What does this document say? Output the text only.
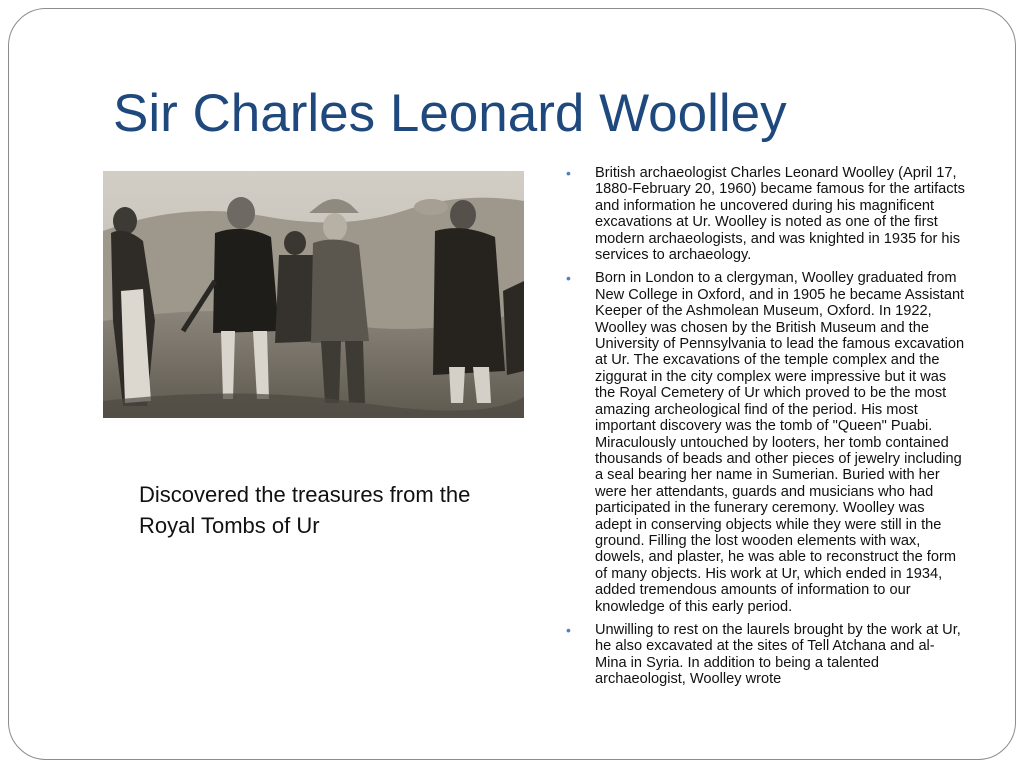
Sir Charles Leonard Woolley

Discovered the treasures from the Royal Tombs of Ur

• British archaeologist Charles Leonard Woolley (April 17, 1880-February 20, 1960) became famous for the artifacts and information he uncovered during his magnificent excavations at Ur. Woolley is noted as one of the first modern archaeologists, and was knighted in 1935 for his services to archaeology.
• Born in London to a clergyman, Woolley graduated from New College in Oxford, and in 1905 he became Assistant Keeper of the Ashmolean Museum, Oxford. In 1922, Woolley was chosen by the British Museum and the University of Pennsylvania to lead the famous excavation at Ur. The excavations of the temple complex and the ziggurat in the city complex were impressive but it was the Royal Cemetery of Ur which proved to be the most amazing archeological find of the period. His most important discovery was the tomb of "Queen" Puabi. Miraculously untouched by looters, her tomb contained thousands of beads and other pieces of jewelry including a seal bearing her name in Sumerian. Buried with her were her attendants, guards and musicians who had participated in the funerary ceremony. Woolley was adept in conserving objects while they were still in the ground. Filling the lost wooden elements with wax, dowels, and plaster, he was able to reconstruct the form of many objects. His work at Ur, which ended in 1934, added tremendous amounts of information to our knowledge of this early period.
• Unwilling to rest on the laurels brought by the work at Ur, he also excavated at the sites of Tell Atchana and al-Mina in Syria. In addition to being a talented archaeologist, Woolley wrote
